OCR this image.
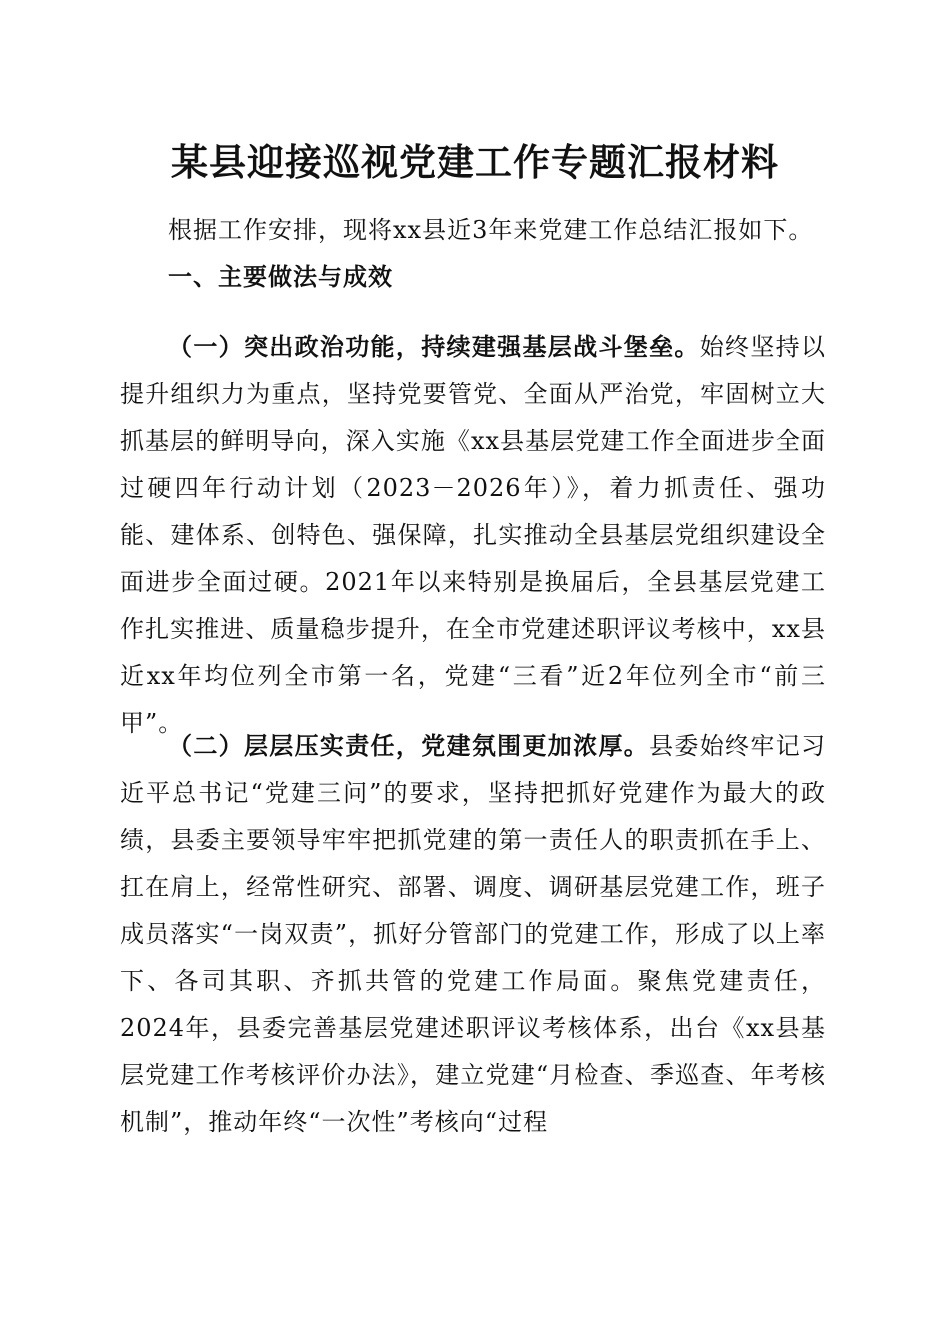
某县迎接巡视党建工作专题汇报材料

根据工作安排，现将xx县近3年来党建工作总结汇报如下。

一、主要做法与成效

（一）突出政治功能，持续建强基层战斗堡垒。始终坚持以提升组织力为重点，坚持党要管党、全面从严治党，牢固树立大抓基层的鲜明导向，深入实施《xx县基层党建工作全面进步全面过硬四年行动计划（2023－2026年）》，着力抓责任、强功能、建体系、创特色、强保障，扎实推动全县基层党组织建设全面进步全面过硬。2021年以来特别是换届后，全县基层党建工作扎实推进、质量稳步提升，在全市党建述职评议考核中，xx县近xx年均位列全市第一名，党建“三看”近2年位列全市“前三甲”。

（二）层层压实责任，党建氛围更加浓厚。县委始终牢记习近平总书记“党建三问”的要求，坚持把抓好党建作为最大的政绩，县委主要领导牢牢把抓党建的第一责任人的职责抓在手上、扛在肩上，经常性研究、部署、调度、调研基层党建工作，班子成员落实“一岗双责”，抓好分管部门的党建工作，形成了以上率下、各司其职、齐抓共管的党建工作局面。聚焦党建责任，2024年，县委完善基层党建述职评议考核体系，出台《xx县基层党建工作考核评价办法》，建立党建“月检查、季巡查、年考核机制”，推动年终“一次性”考核向“过程
